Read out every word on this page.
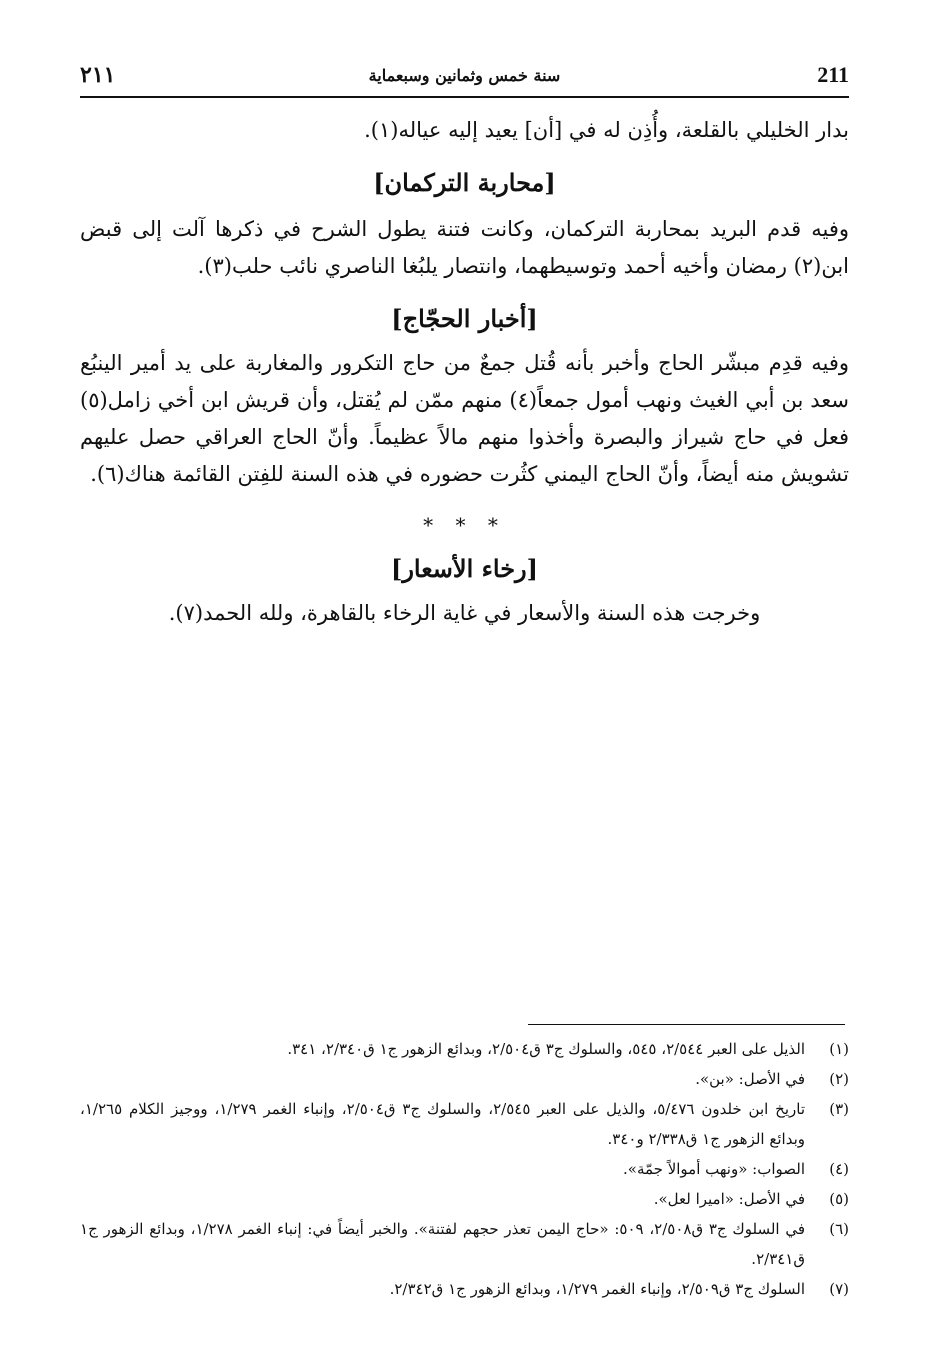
٢١١	سنة خمس وثمانين وسبعماية	211

بدار الخليلي بالقلعة، وأُذِن له في [أن] يعيد إليه عياله(١).

[محاربة التركمان]

وفيه قدم البريد بمحاربة التركمان، وكانت فتنة يطول الشرح في ذكرها آلت إلى قبض ابن(٢) رمضان وأخيه أحمد وتوسيطهما، وانتصار يلبُغا الناصري نائب حلب(٣).

[أخبار الحجّاج]

وفيه قدِم مبشّر الحاج وأخبر بأنه قُتل جمعٌ من حاج التكرور والمغاربة على يد أمير الينبُع سعد بن أبي الغيث ونهب أمول جمعاً(٤) منهم ممّن لم يُقتل، وأن قريش ابن أخي زامل(٥) فعل في حاج شيراز والبصرة وأخذوا منهم مالاً عظيماً. وأنّ الحاج العراقي حصل عليهم تشويش منه أيضاً، وأنّ الحاج اليمني كثُرت حضوره في هذه السنة للفِتن القائمة هناك(٦).

* * *
[رخاء الأسعار]

وخرجت هذه السنة والأسعار في غاية الرخاء بالقاهرة، ولله الحمد(٧).

(١)
الذيل على العبر ٢/٥٤٤، ٥٤٥، والسلوك ج٣ ق٢/٥٠٤، وبدائع الزهور ج١ ق٢/٣٤٠، ٣٤١.
(٢)
في الأصل: «بن».
(٣)
تاريخ ابن خلدون ٥/٤٧٦، والذيل على العبر ٢/٥٤٥، والسلوك ج٣ ق٢/٥٠٤، وإنباء الغمر ١/٢٧٩، ووجيز الكلام ١/٢٦٥، وبدائع الزهور ج١ ق٢/٣٣٨ و٣٤٠.
(٤)
الصواب: «ونهب أموالاً جمّة».
(٥)
في الأصل: «اميرا لعل».
(٦)
في السلوك ج٣ ق٢/٥٠٨، ٥٠٩: «حاج اليمن تعذر حجهم لفتنة». والخبر أيضاً في: إنباء الغمر ١/٢٧٨، وبدائع الزهور ج١ ق٢/٣٤١.
(٧)
السلوك ج٣ ق٢/٥٠٩، وإنباء الغمر ١/٢٧٩، وبدائع الزهور ج١ ق٢/٣٤٢.
